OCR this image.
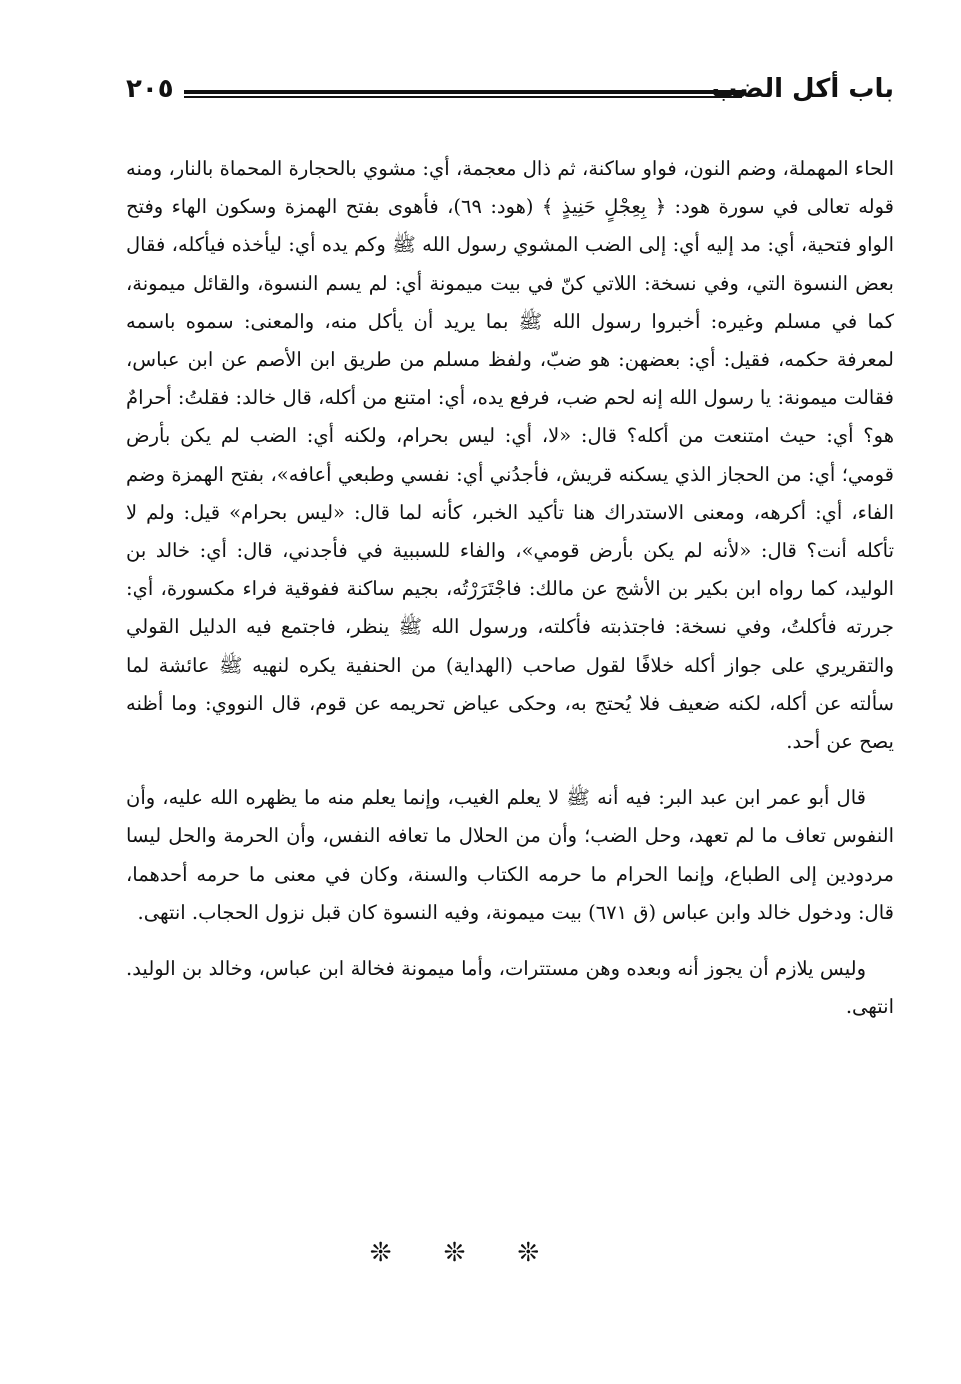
باب أكل الضب
٢٠٥

الحاء المهملة، وضم النون، فواو ساكنة، ثم ذال معجمة، أي: مشوي بالحجارة المحماة بالنار، ومنه قوله تعالى في سورة هود: ﴿ بِعِجْلٍ حَنِيذٍ ﴾ (هود: ٦٩)، فأهوى بفتح الهمزة وسكون الهاء وفتح الواو فتحية، أي: مد إليه أي: إلى الضب المشوي رسول الله ﷺ وكم يده أي: ليأخذه فيأكله، فقال بعض النسوة التي، وفي نسخة: اللاتي كنّ في بيت ميمونة أي: لم يسم النسوة، والقائل ميمونة، كما في مسلم وغيره: أخبروا رسول الله ﷺ بما يريد أن يأكل منه، والمعنى: سموه باسمه لمعرفة حكمه، فقيل: أي: بعضهن: هو ضبّ، ولفظ مسلم من طريق ابن الأصم عن ابن عباس، فقالت ميمونة: يا رسول الله إنه لحم ضب، فرفع يده، أي: امتنع من أكله، قال خالد: فقلتُ: أحرامٌ هو؟ أي: حيث امتنعت من أكله؟ قال: «لا، أي: ليس بحرام، ولكنه أي: الضب لم يكن بأرض قومي؛ أي: من الحجاز الذي يسكنه قريش، فأجدُني أي: نفسي وطبعي أعافه»، بفتح الهمزة وضم الفاء، أي: أكرهه، ومعنى الاستدراك هنا تأكيد الخبر، كأنه لما قال: «ليس بحرام» قيل: ولم لا تأكله أنت؟ قال: «لأنه لم يكن بأرض قومي»، والفاء للسببية في فأجدني، قال: أي: خالد بن الوليد، كما رواه ابن بكير بن الأشج عن مالك: فاجْتَرَرْتُه، بجيم ساكنة ففوقية فراء مكسورة، أي: جررته فأكلتُ، وفي نسخة: فاجتذبته فأكلته، ورسول الله ﷺ ينظر، فاجتمع فيه الدليل القولي والتقريري على جواز أكله خلافًا لقول صاحب (الهداية) من الحنفية يكره لنهيه ﷺ عائشة لما سألته عن أكله، لكنه ضعيف فلا يُحتج به، وحكى عياض تحريمه عن قوم، قال النووي: وما أظنه يصح عن أحد.

قال أبو عمر ابن عبد البر: فيه أنه ﷺ لا يعلم الغيب، وإنما يعلم منه ما يظهره الله عليه، وأن النفوس تعاف ما لم تعهد، وحل الضب؛ وأن من الحلال ما تعافه النفس، وأن الحرمة والحل ليسا مردودين إلى الطباع، وإنما الحرام ما حرمه الكتاب والسنة، وكان في معنى ما حرمه أحدهما، قال: ودخول خالد وابن عباس (ق ٦٧١) بيت ميمونة، وفيه النسوة كان قبل نزول الحجاب. انتهى.

وليس يلازم أن يجوز أنه وبعده وهن مستترات، وأما ميمونة فخالة ابن عباس، وخالد بن الوليد. انتهى.

❊❊❊
